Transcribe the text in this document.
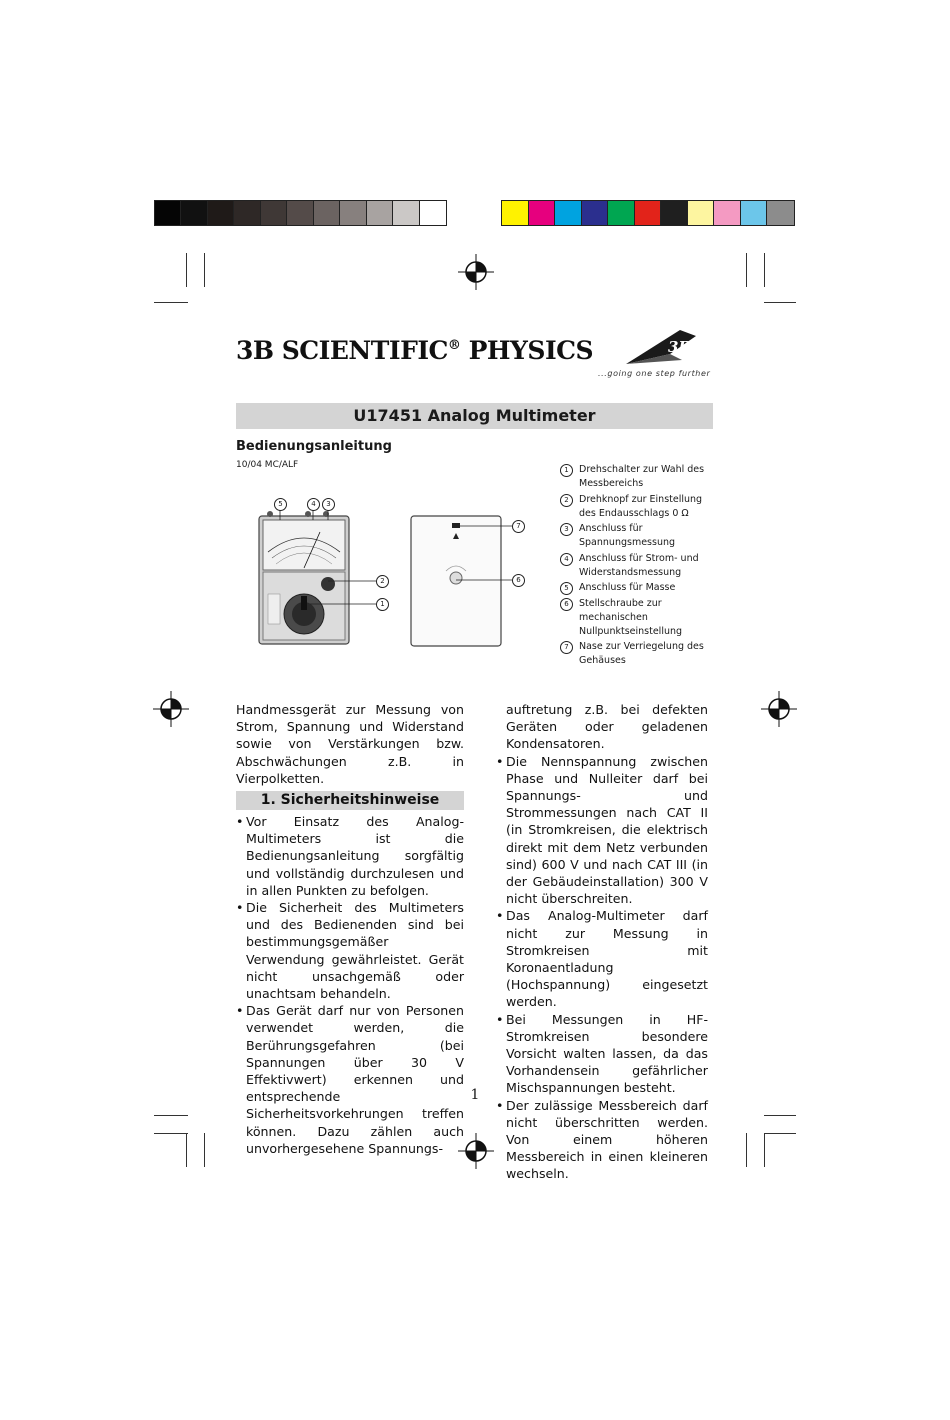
3B SCIENTIFIC® PHYSICS	3B
...going one step further
U17451 Analog Multimeter
Bedienungsanleitung
10/04 MC/ALF
5	4	3
2
1
7
6
1	Drehschalter zur Wahl des Messbereichs
2	Drehknopf zur Einstellung des Endausschlags 0 Ω
3	Anschluss für Spannungsmessung
4	Anschluss für Strom- und Widerstandsmessung
5	Anschluss für Masse
6	Stellschraube zur mechanischen Nullpunktseinstellung
7	Nase zur Verriegelung des Gehäuses

Handmessgerät zur Messung von Strom, Spannung und Widerstand sowie von Verstärkungen bzw. Abschwächungen z.B. in Vierpolketten.

1. Sicherheitshinweise

• Vor Einsatz des Analog-Multimeters ist die Bedienungsanleitung sorgfältig und vollständig durchzulesen und in allen Punkten zu befolgen.

• Die Sicherheit des Multimeters und des Bedienenden sind bei bestimmungsgemäßer Verwendung gewährleistet. Gerät nicht unsachgemäß oder unachtsam behandeln.

• Das Gerät darf nur von Personen verwendet werden, die Berührungsgefahren (bei Spannungen über 30 V Effektivwert) erkennen und entsprechende Sicherheitsvorkehrungen treffen können. Dazu zählen auch unvorhergesehene Spannungs-

auftretung z.B. bei defekten Geräten oder geladenen Kondensatoren.

• Die Nennspannung zwischen Phase und Nulleiter darf bei Spannungs- und Strommessungen nach CAT II (in Stromkreisen, die elektrisch direkt mit dem Netz verbunden sind) 600 V und nach CAT III (in der Gebäudeinstallation) 300 V nicht überschreiten.

• Das Analog-Multimeter darf nicht zur Messung in Stromkreisen mit Koronaentladung (Hochspannung) eingesetzt werden.

• Bei Messungen in HF-Stromkreisen besondere Vorsicht walten lassen, da das Vorhandensein gefährlicher Mischspannungen besteht.

• Der zulässige Messbereich darf nicht überschritten werden. Von einem höheren Messbereich in einen kleineren wechseln.

1
